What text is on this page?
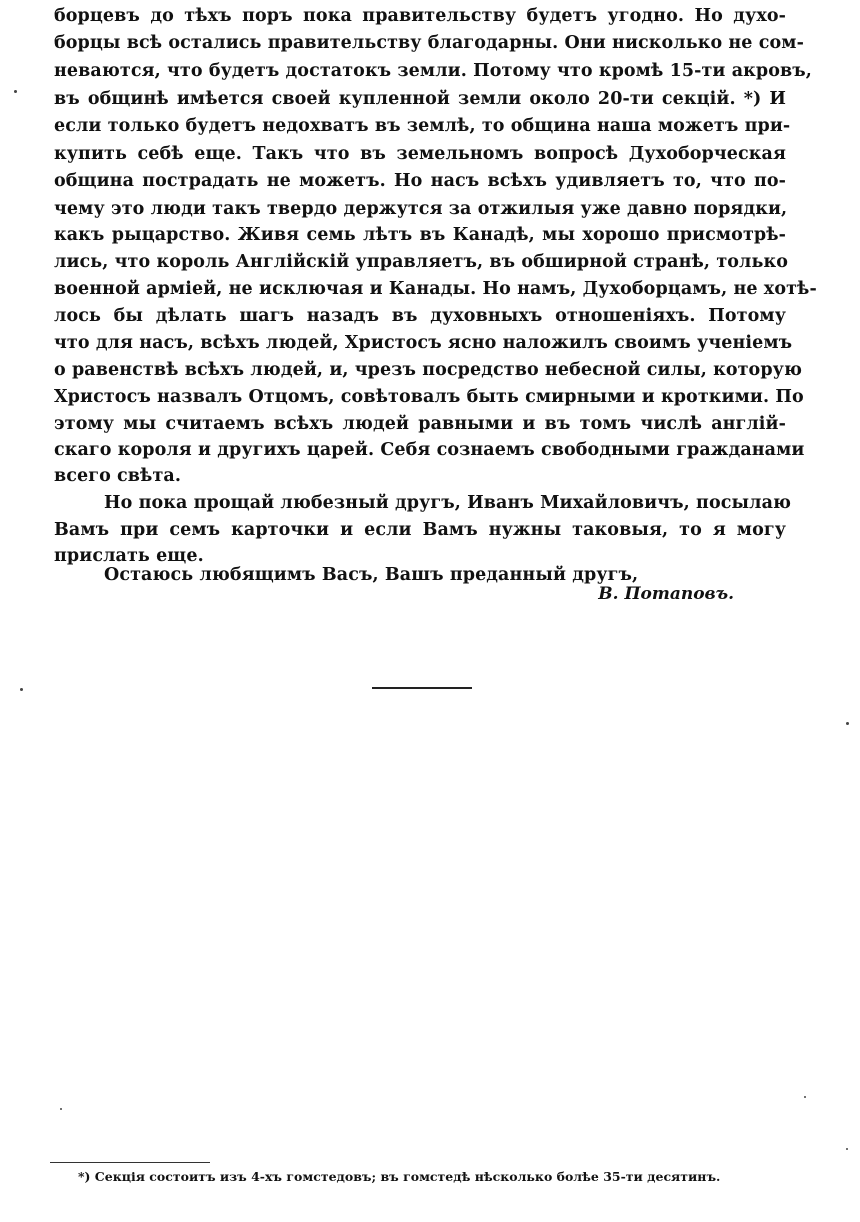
борцевъ до тѣхъ поръ пока правительству будетъ угодно. Но духо-
борцы всѣ остались правительству благодарны. Они нисколько не сом-
неваются, что будетъ достатокъ земли. Потому что кромѣ 15-ти акровъ,
въ общинѣ имѣется своей купленной земли около 20-ти секцій. *) И
если только будетъ недохватъ въ землѣ, то община наша можетъ при-
купить себѣ еще. Такъ что въ земельномъ вопросѣ Духоборческая
община пострадать не можетъ. Но насъ всѣхъ удивляетъ то, что по-
чему это люди такъ твердо держутся за отжилыя уже давно порядки,
какъ рыцарство. Живя семь лѣтъ въ Канадѣ, мы хорошо присмотрѣ-
лись, что король Англійскій управляетъ, въ обширной странѣ, только
военной арміей, не исключая и Канады. Но намъ, Духоборцамъ, не хотѣ-
лось бы дѣлать шагъ назадъ въ духовныхъ отношеніяхъ. Потому
что для насъ, всѣхъ людей, Христосъ ясно наложилъ своимъ ученіемъ
о равенствѣ всѣхъ людей, и, чрезъ посредство небесной силы, которую
Христосъ назвалъ Отцомъ, совѣтовалъ быть смирными и кроткими. По
этому мы считаемъ всѣхъ людей равными и въ томъ числѣ англій-
скаго короля и другихъ царей. Себя сознаемъ свободными гражданами
всего свѣта.
Но пока прощай любезный другъ, Иванъ Михайловичъ, посылаю
Вамъ при семъ карточки и если Вамъ нужны таковыя, то я могу
прислать еще.
Остаюсь любящимъ Васъ, Вашъ преданный другъ,
В. Потаповъ.
*) Секція состоитъ изъ 4-хъ гомстедовъ; въ гомстедѣ нѣсколько болѣе 35-ти десятинъ.
